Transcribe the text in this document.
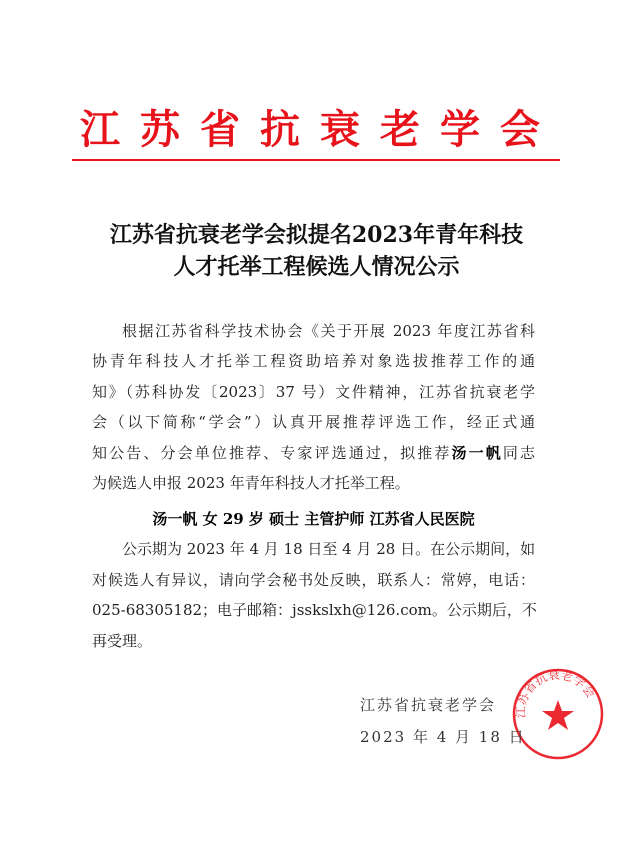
江苏省抗衰老学会
江苏省抗衰老学会拟提名2023年青年科技
人才托举工程候选人情况公示
根据江苏省科学技术协会《关于开展 2023 年度江苏省科
协青年科技人才托举工程资助培养对象选拔推荐工作的通
知》（苏科协发〔2023〕37 号）文件精神，江苏省抗衰老学
会（以下简称“学会”）认真开展推荐评选工作，经正式通
知公告、分会单位推荐、专家评选通过，拟推荐汤一帆同志
为候选人申报 2023 年青年科技人才托举工程。
汤一帆 女 29 岁 硕士 主管护师 江苏省人民医院
公示期为 2023 年 4 月 18 日至 4 月 28 日。在公示期间，如
对候选人有异议，请向学会秘书处反映，联系人：常婷，电话：
025-68305182；电子邮箱：jssksl​xh@126.com。公示期后，不
再受理。
江苏省抗衰老学会
江苏省抗衰老学会
2023 年 4 月 18 日
